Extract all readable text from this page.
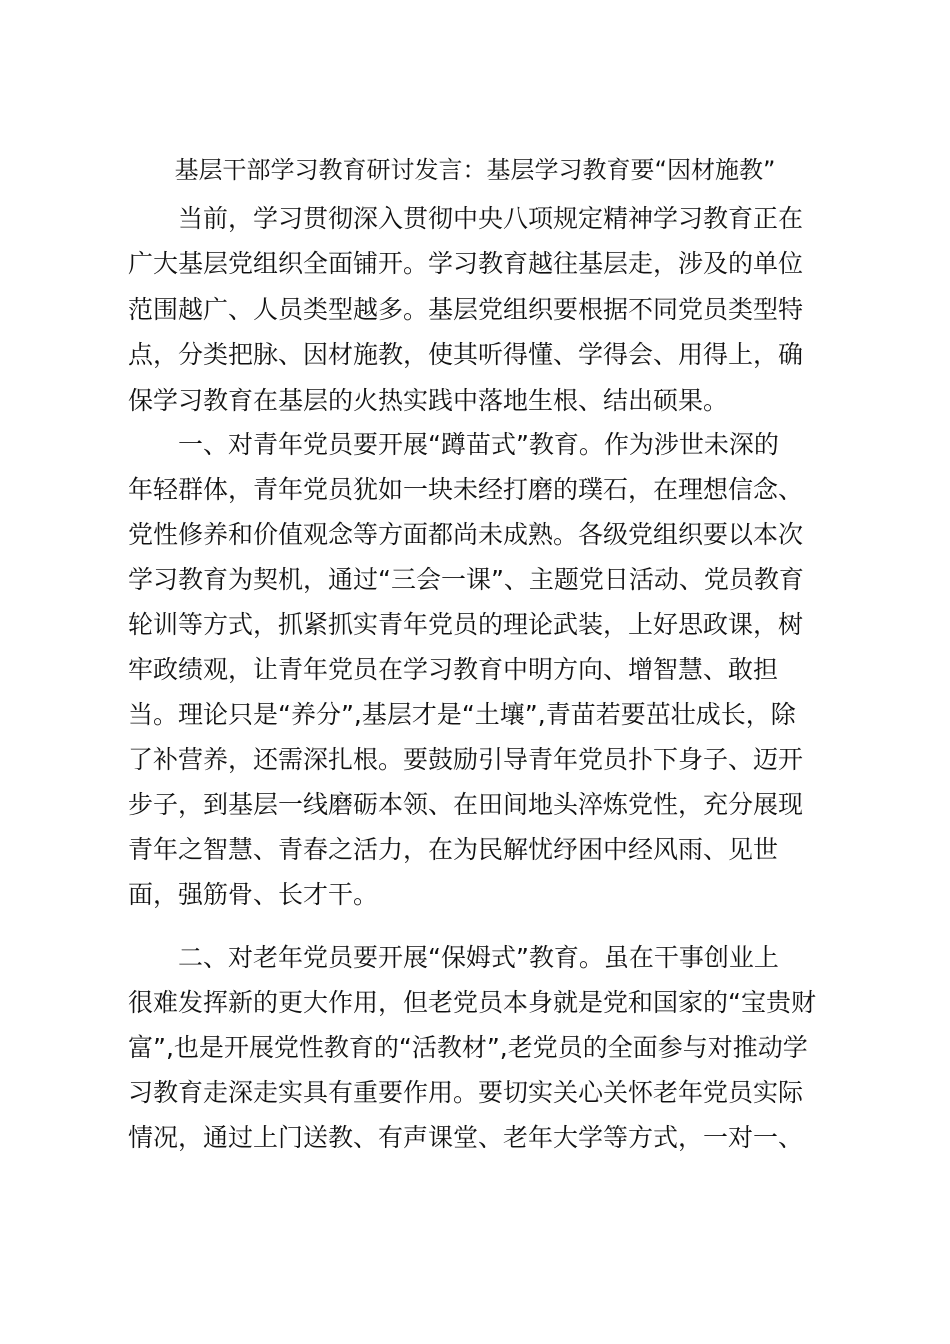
基层干部学习教育研讨发言：基层学习教育要“因材施教”
当前，学习贯彻深入贯彻中央八项规定精神学习教育正在
广大基层党组织全面铺开。学习教育越往基层走，涉及的单位
范围越广、人员类型越多。基层党组织要根据不同党员类型特
点，分类把脉、因材施教，使其听得懂、学得会、用得上，确
保学习教育在基层的火热实践中落地生根、结出硕果。
一、对青年党员要开展“蹲苗式”教育。作为涉世未深的
年轻群体，青年党员犹如一块未经打磨的璞石，在理想信念、
党性修养和价值观念等方面都尚未成熟。各级党组织要以本次
学习教育为契机，通过“三会一课”、主题党日活动、党员教育
轮训等方式，抓紧抓实青年党员的理论武装，上好思政课，树
牢政绩观，让青年党员在学习教育中明方向、增智慧、敢担
当。理论只是“养分”,基层才是“土壤”,青苗若要茁壮成长，除
了补营养，还需深扎根。要鼓励引导青年党员扑下身子、迈开
步子，到基层一线磨砺本领、在田间地头淬炼党性，充分展现
青年之智慧、青春之活力，在为民解忧纾困中经风雨、见世
面，强筋骨、长才干。
二、对老年党员要开展“保姆式”教育。虽在干事创业上
很难发挥新的更大作用，但老党员本身就是党和国家的“宝贵财
富”,也是开展党性教育的“活教材”,老党员的全面参与对推动学
习教育走深走实具有重要作用。要切实关心关怀老年党员实际
情况，通过上门送教、有声课堂、老年大学等方式，一对一、
